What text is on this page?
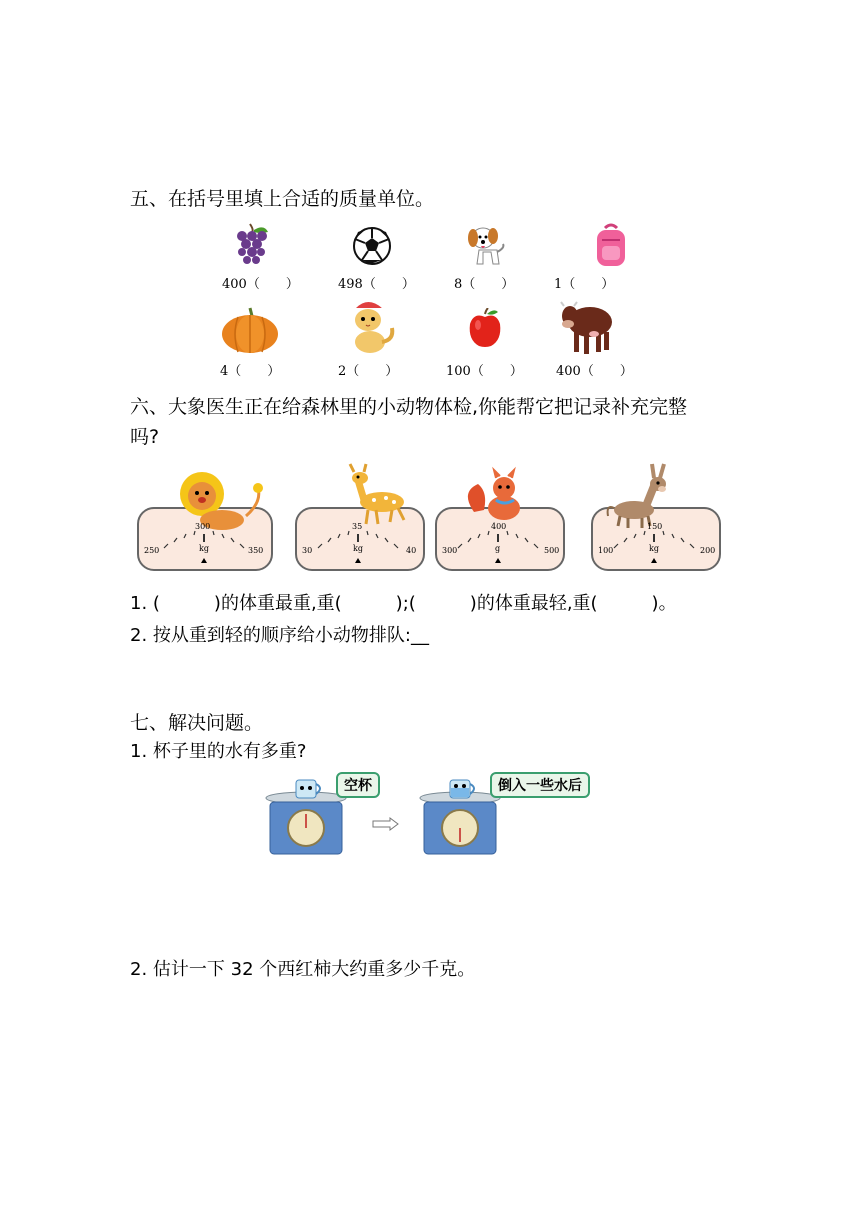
五、在括号里填上合适的质量单位。
400（　　）	498（　　）	8（　　）	1（　　）
4（　　）	2（　　）	100（　　）	400（　　）
六、大象医生正在给森林里的小动物体检,你能帮它把记录补充完整
吗?
250
300
350
kg	30
35
40
kg	300
400
500
g	100
150
200
kg
1. (　　　)的体重最重,重(　　　);(　　　)的体重最轻,重(　　　)。
2. 按从重到轻的顺序给小动物排队:__
七、解决问题。
1. 杯子里的水有多重?
空杯	倒入一些水后
2. 估计一下 32 个西红柿大约重多少千克。
